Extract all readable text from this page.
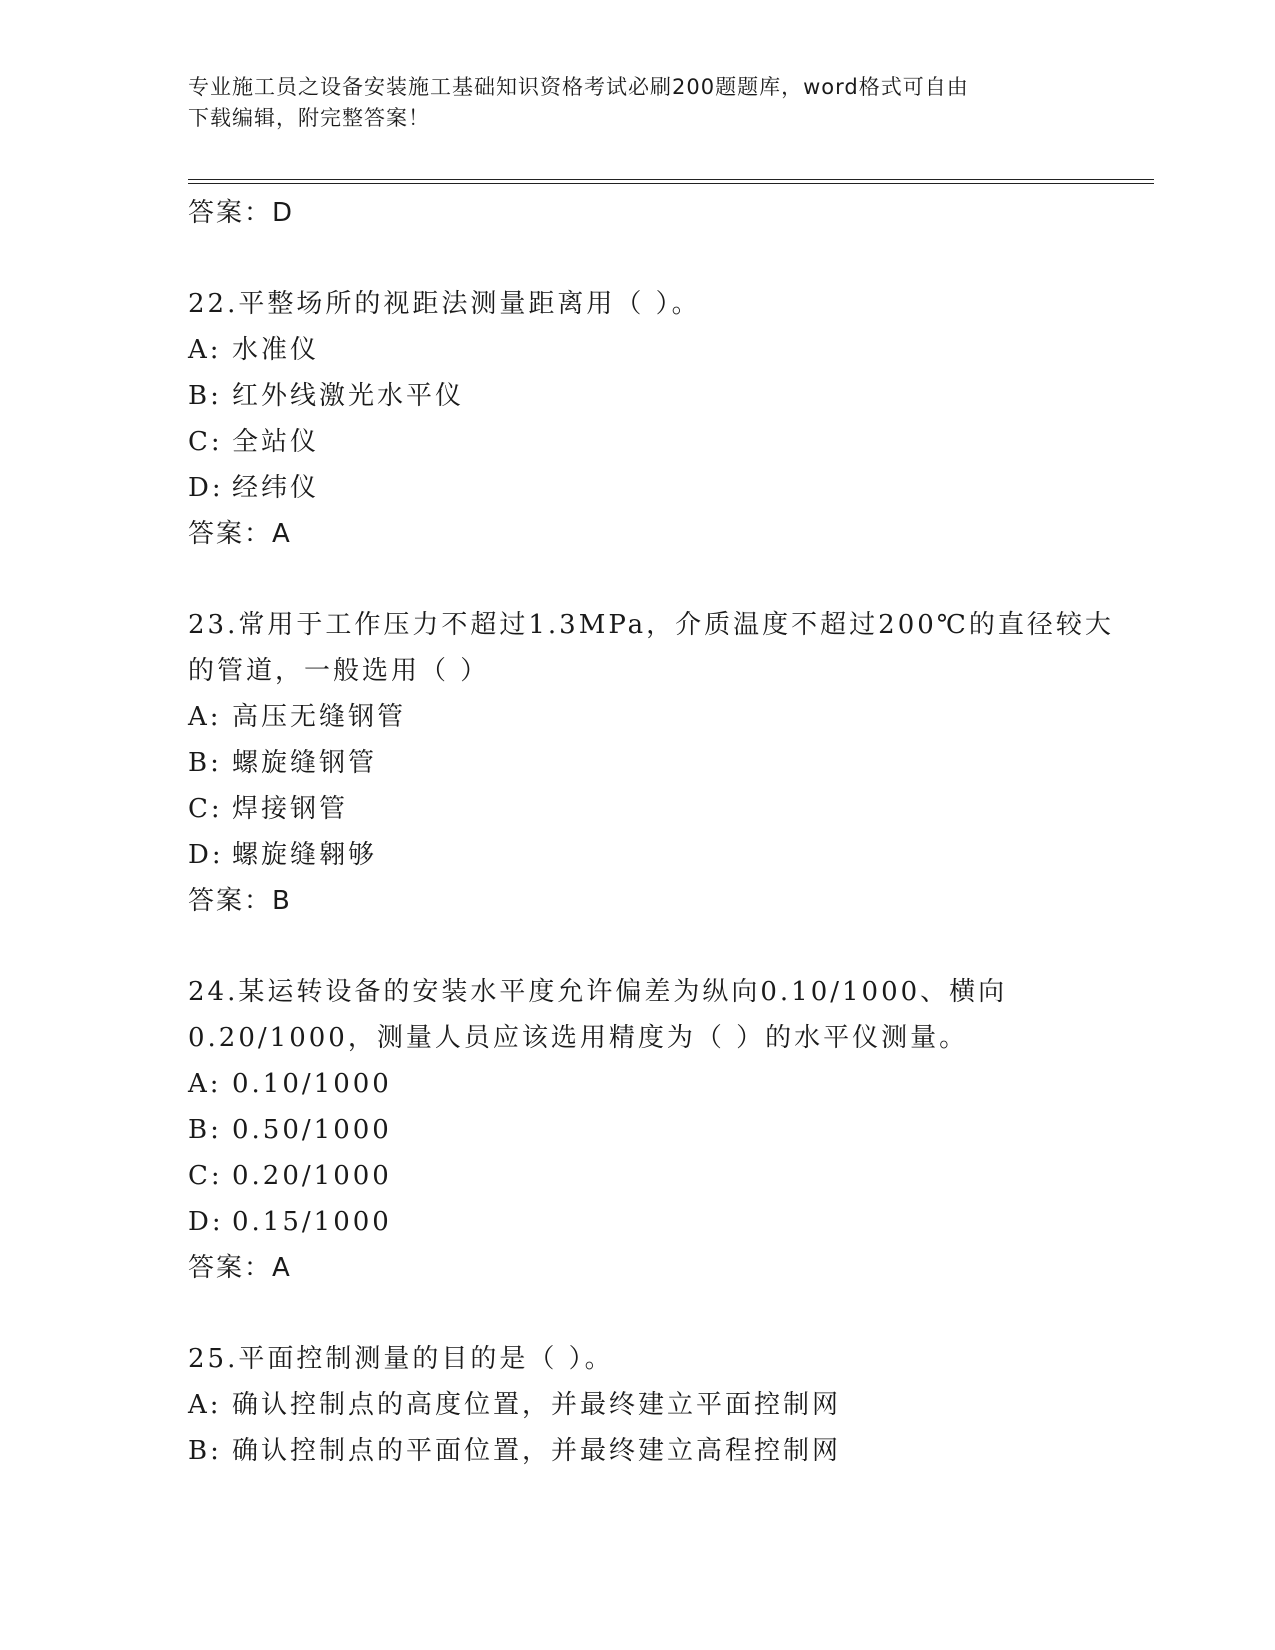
专业施工员之设备安装施工基础知识资格考试必刷200题题库，word格式可自由
下载编辑，附完整答案！
答案：D
22.平整场所的视距法测量距离用（ ）。
A: 水准仪
B: 红外线激光水平仪
C: 全站仪
D: 经纬仪
答案：A
23.常用于工作压力不超过1.3MPa，介质温度不超过200℃的直径较大
的管道，一般选用（ ）
A: 高压无缝钢管
B: 螺旋缝钢管
C: 焊接钢管
D: 螺旋缝翱够
答案：B
24.某运转设备的安装水平度允许偏差为纵向0.10/1000、横向
0.20/1000，测量人员应该选用精度为（ ）的水平仪测量。
A: 0.10/1000
B: 0.50/1000
C: 0.20/1000
D: 0.15/1000
答案：A
25.平面控制测量的目的是（ ）。
A: 确认控制点的高度位置，并最终建立平面控制网
B: 确认控制点的平面位置，并最终建立高程控制网
